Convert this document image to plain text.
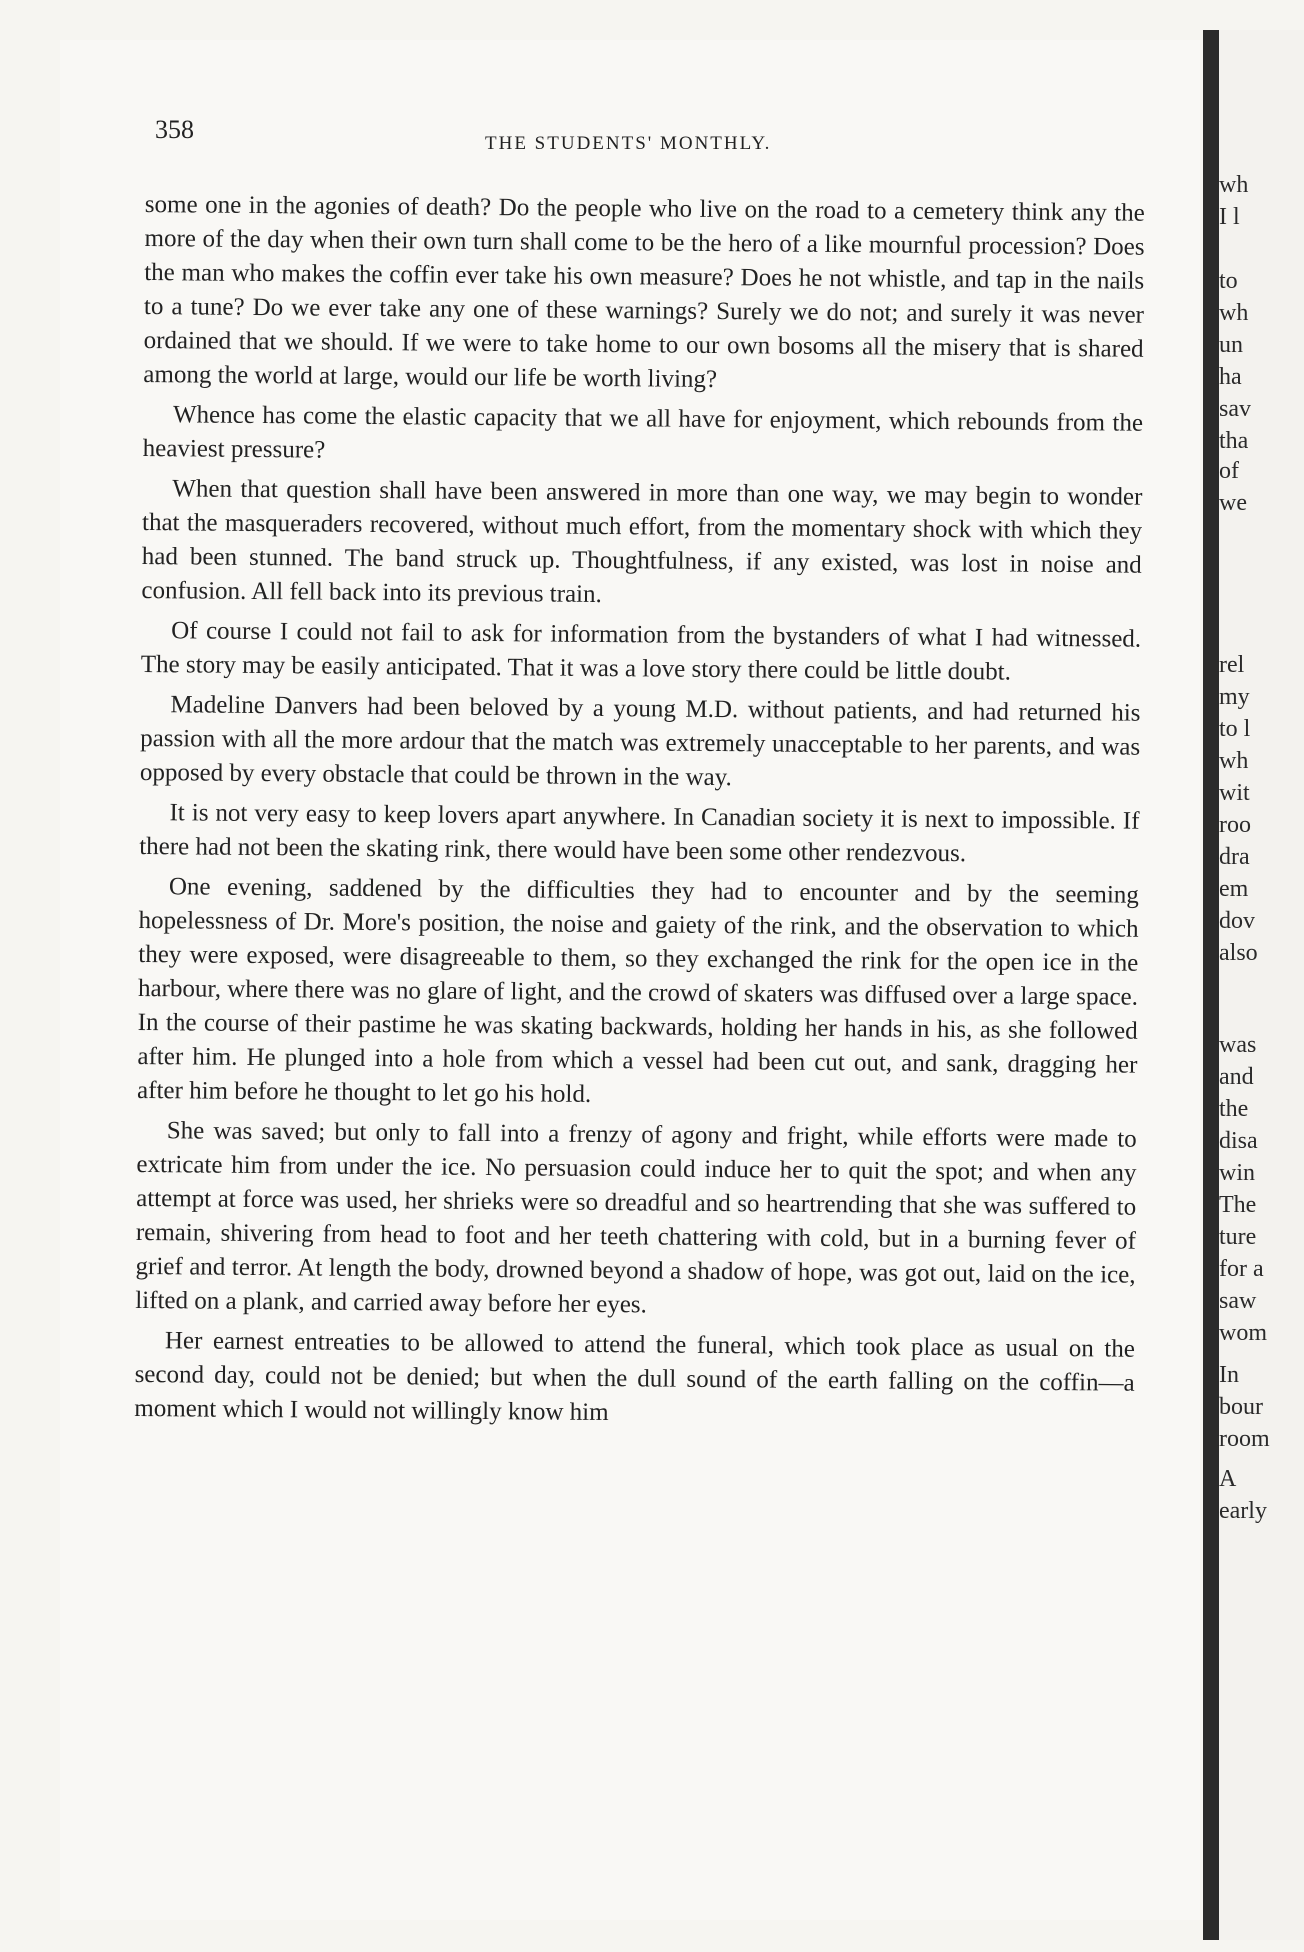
wh
I l
to
wh
un
ha
sav
tha
of
we
rel
my
to l
wh
wit
roo
dra
em
dov
also
was
and
the
disa
win
The
ture
for a
saw
wom
In
bour
room
A
early
358	THE STUDENTS' MONTHLY.

some one in the agonies of death? Do the people who live on the road to a cemetery think any the more of the day when their own turn shall come to be the hero of a like mournful procession? Does the man who makes the coffin ever take his own measure? Does he not whistle, and tap in the nails to a tune? Do we ever take any one of these warnings? Surely we do not; and surely it was never ordained that we should. If we were to take home to our own bosoms all the misery that is shared among the world at large, would our life be worth living?

Whence has come the elastic capacity that we all have for enjoyment, which rebounds from the heaviest pressure?

When that question shall have been answered in more than one way, we may begin to wonder that the masqueraders recovered, without much effort, from the momentary shock with which they had been stunned. The band struck up. Thoughtfulness, if any existed, was lost in noise and confusion. All fell back into its previous train.

Of course I could not fail to ask for information from the bystanders of what I had witnessed. The story may be easily anticipated. That it was a love story there could be little doubt.

Madeline Danvers had been beloved by a young M.D. without patients, and had returned his passion with all the more ardour that the match was extremely unacceptable to her parents, and was opposed by every obstacle that could be thrown in the way.

It is not very easy to keep lovers apart anywhere. In Canadian society it is next to impossible. If there had not been the skating rink, there would have been some other rendezvous.

One evening, saddened by the difficulties they had to encounter and by the seeming hopelessness of Dr. More's position, the noise and gaiety of the rink, and the observation to which they were exposed, were disagreeable to them, so they exchanged the rink for the open ice in the harbour, where there was no glare of light, and the crowd of skaters was diffused over a large space. In the course of their pastime he was skating backwards, holding her hands in his, as she followed after him. He plunged into a hole from which a vessel had been cut out, and sank, dragging her after him before he thought to let go his hold.

She was saved; but only to fall into a frenzy of agony and fright, while efforts were made to extricate him from under the ice. No persuasion could induce her to quit the spot; and when any attempt at force was used, her shrieks were so dreadful and so heartrending that she was suffered to remain, shivering from head to foot and her teeth chattering with cold, but in a burning fever of grief and terror. At length the body, drowned beyond a shadow of hope, was got out, laid on the ice, lifted on a plank, and carried away before her eyes.

Her earnest entreaties to be allowed to attend the funeral, which took place as usual on the second day, could not be denied; but when the dull sound of the earth falling on the coffin—a moment which I would not willingly know him
